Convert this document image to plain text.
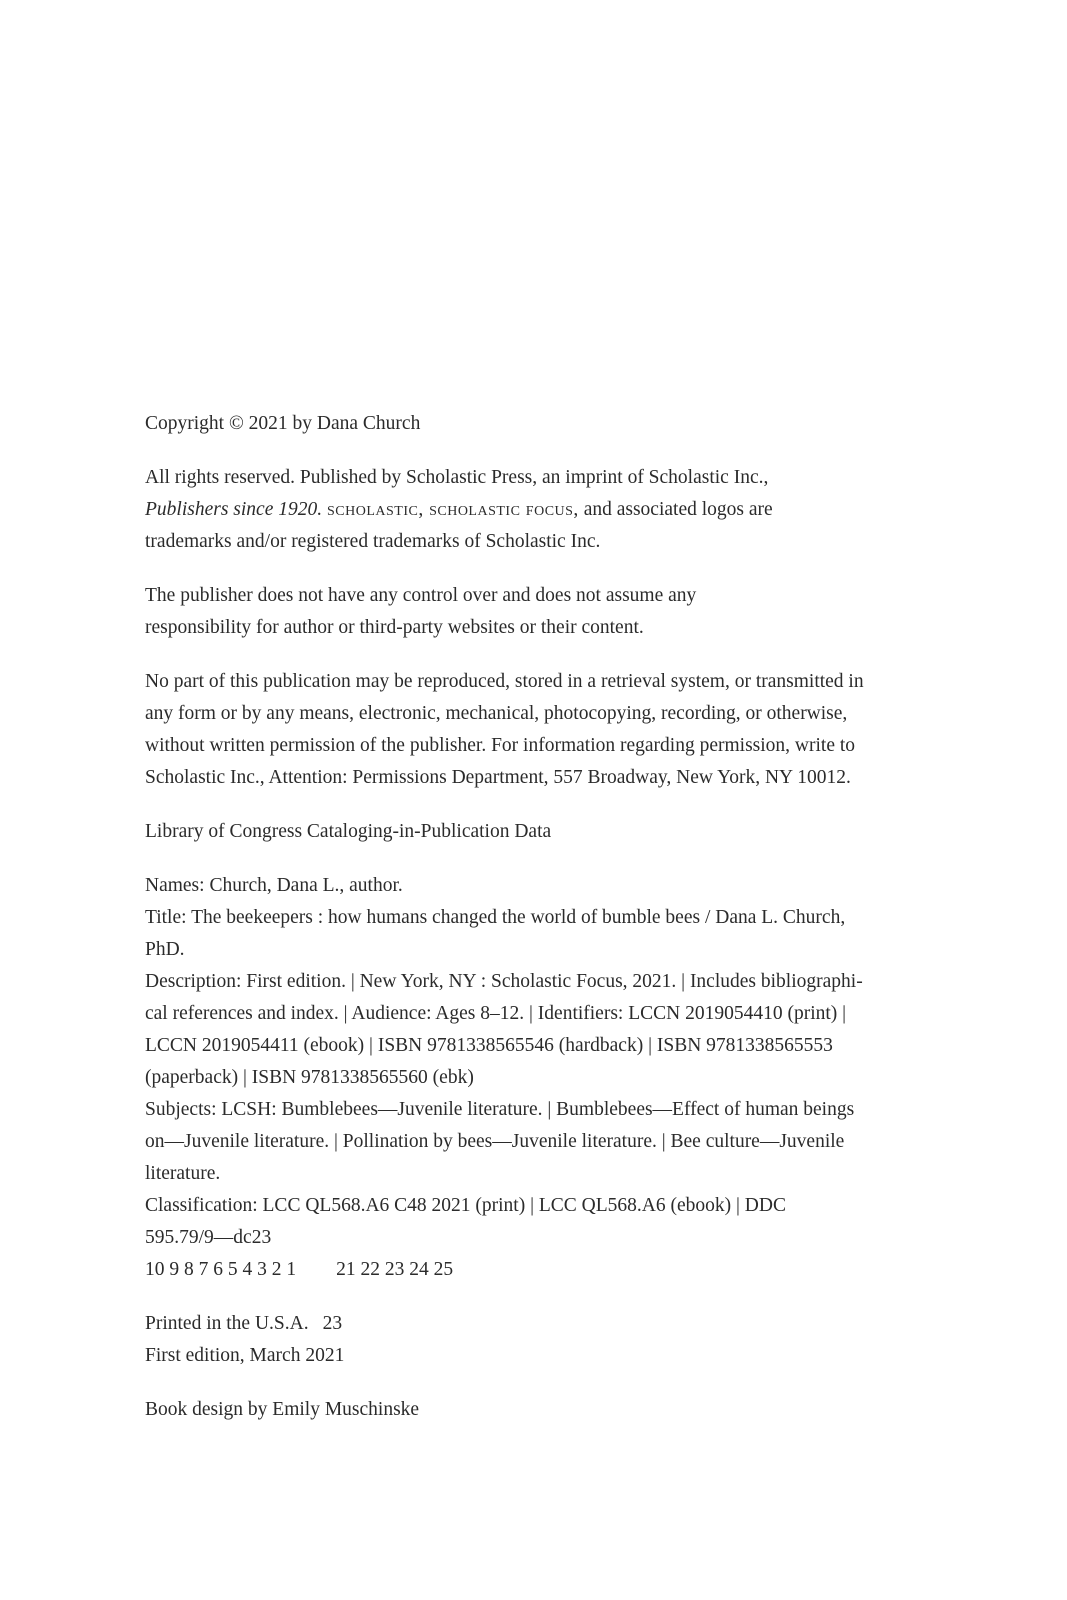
Copyright © 2021 by Dana Church
All rights reserved. Published by Scholastic Press, an imprint of Scholastic Inc.,
Publishers since 1920. scholastic, scholastic focus, and associated logos are
trademarks and/or registered trademarks of Scholastic Inc.
The publisher does not have any control over and does not assume any
responsibility for author or third-party websites or their content.
No part of this publication may be reproduced, stored in a retrieval system, or transmitted in
any form or by any means, electronic, mechanical, photocopying, recording, or otherwise,
without written permission of the publisher. For information regarding permission, write to
Scholastic Inc., Attention: Permissions Department, 557 Broadway, New York, NY 10012.
Library of Congress Cataloging-in-Publication Data
Names: Church, Dana L., author.
Title: The beekeepers : how humans changed the world of bumble bees / Dana L. Church,
PhD.
Description: First edition. | New York, NY : Scholastic Focus, 2021. | Includes bibliographi-
cal references and index. | Audience: Ages 8–12. | Identifiers: LCCN 2019054410 (print) |
LCCN 2019054411 (ebook) | ISBN 9781338565546 (hardback) | ISBN 9781338565553
(paperback) | ISBN 9781338565560 (ebk)
Subjects: LCSH: Bumblebees—Juvenile literature. | Bumblebees—Effect of human beings
on—Juvenile literature. | Pollination by bees—Juvenile literature. | Bee culture—Juvenile
literature.
Classification: LCC QL568.A6 C48 2021 (print) | LCC QL568.A6 (ebook) | DDC
595.79/9—dc23
10 9 8 7 6 5 4 3 2 1 21 22 23 24 25
Printed in the U.S.A. 23
First edition, March 2021
Book design by Emily Muschinske
